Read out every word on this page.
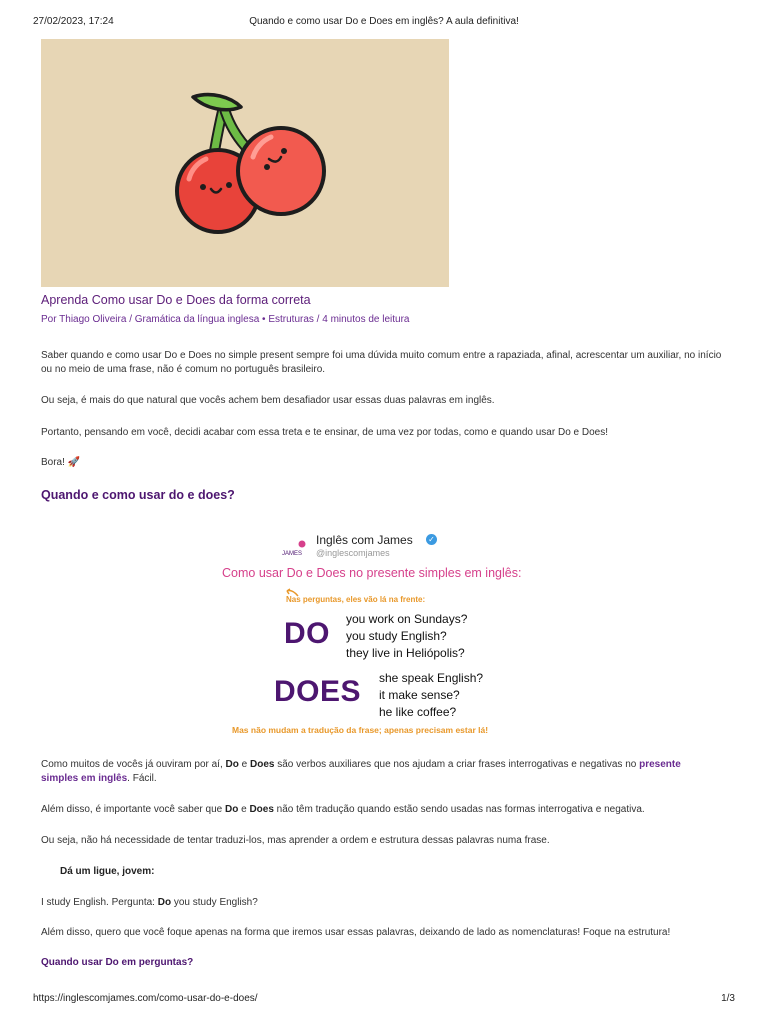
27/02/2023, 17:24	Quando e como usar Do e Does em inglês? A aula definitiva!
Aprenda Como usar Do e Does da forma correta
Por Thiago Oliveira / Gramática da língua inglesa • Estruturas / 4 minutos de leitura

Saber quando e como usar Do e Does no simple present sempre foi uma dúvida muito comum entre a rapaziada, afinal, acrescentar um auxiliar, no início ou no meio de uma frase, não é comum no português brasileiro.

Ou seja, é mais do que natural que vocês achem bem desafiador usar essas duas palavras em inglês.

Portanto, pensando em você, decidi acabar com essa treta e te ensinar, de uma vez por todas, como e quando usar Do e Does!

Bora! 🚀

Quando e como usar do e does?
JAMES
Inglês com James ✓
@inglescomjames
Como usar Do e Does no presente simples em inglês:
Nas perguntas, eles vão lá na frente:
DO you work on Sundays?
you study English?
they live in Heliópolis?
DOES she speak English?
it make sense?
he like coffee?
Mas não mudam a tradução da frase; apenas precisam estar lá!

Como muitos de vocês já ouviram por aí, Do e Does são verbos auxiliares que nos ajudam a criar frases interrogativas e negativas no presente simples em inglês. Fácil.

Além disso, é importante você saber que Do e Does não têm tradução quando estão sendo usadas nas formas interrogativa e negativa.

Ou seja, não há necessidade de tentar traduzi-los, mas aprender a ordem e estrutura dessas palavras numa frase.

Dá um ligue, jovem:

I study English. Pergunta: Do you study English?

Além disso, quero que você foque apenas na forma que iremos usar essas palavras, deixando de lado as nomenclaturas! Foque na estrutura!

Quando usar Do em perguntas?
https://inglescomjames.com/como-usar-do-e-does/	1/3
